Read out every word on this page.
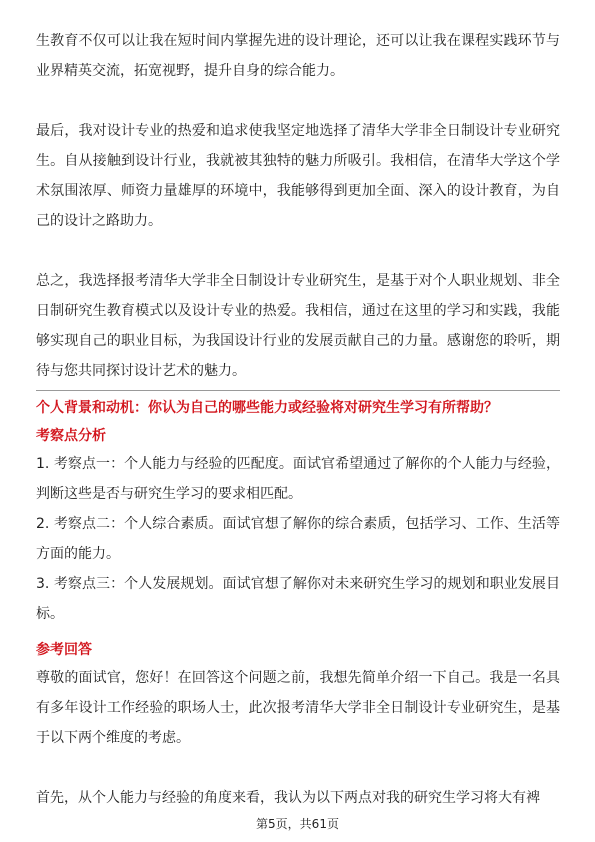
生教育不仅可以让我在短时间内掌握先进的设计理论，还可以让我在课程实践环节与业界精英交流，拓宽视野，提升自身的综合能力。

最后，我对设计专业的热爱和追求使我坚定地选择了清华大学非全日制设计专业研究生。自从接触到设计行业，我就被其独特的魅力所吸引。我相信，在清华大学这个学术氛围浓厚、师资力量雄厚的环境中，我能够得到更加全面、深入的设计教育，为自己的设计之路助力。

总之，我选择报考清华大学非全日制设计专业研究生，是基于对个人职业规划、非全日制研究生教育模式以及设计专业的热爱。我相信，通过在这里的学习和实践，我能够实现自己的职业目标，为我国设计行业的发展贡献自己的力量。感谢您的聆听，期待与您共同探讨设计艺术的魅力。

个人背景和动机：你认为自己的哪些能力或经验将对研究生学习有所帮助？

考察点分析

1. 考察点一：个人能力与经验的匹配度。面试官希望通过了解你的个人能力与经验，判断这些是否与研究生学习的要求相匹配。

2. 考察点二：个人综合素质。面试官想了解你的综合素质，包括学习、工作、生活等方面的能力。

3. 考察点三：个人发展规划。面试官想了解你对未来研究生学习的规划和职业发展目标。

参考回答

尊敬的面试官，您好！在回答这个问题之前，我想先简单介绍一下自己。我是一名具有多年设计工作经验的职场人士，此次报考清华大学非全日制设计专业研究生，是基于以下两个维度的考虑。

首先，从个人能力与经验的角度来看，我认为以下两点对我的研究生学习将大有裨

第5页，共61页
